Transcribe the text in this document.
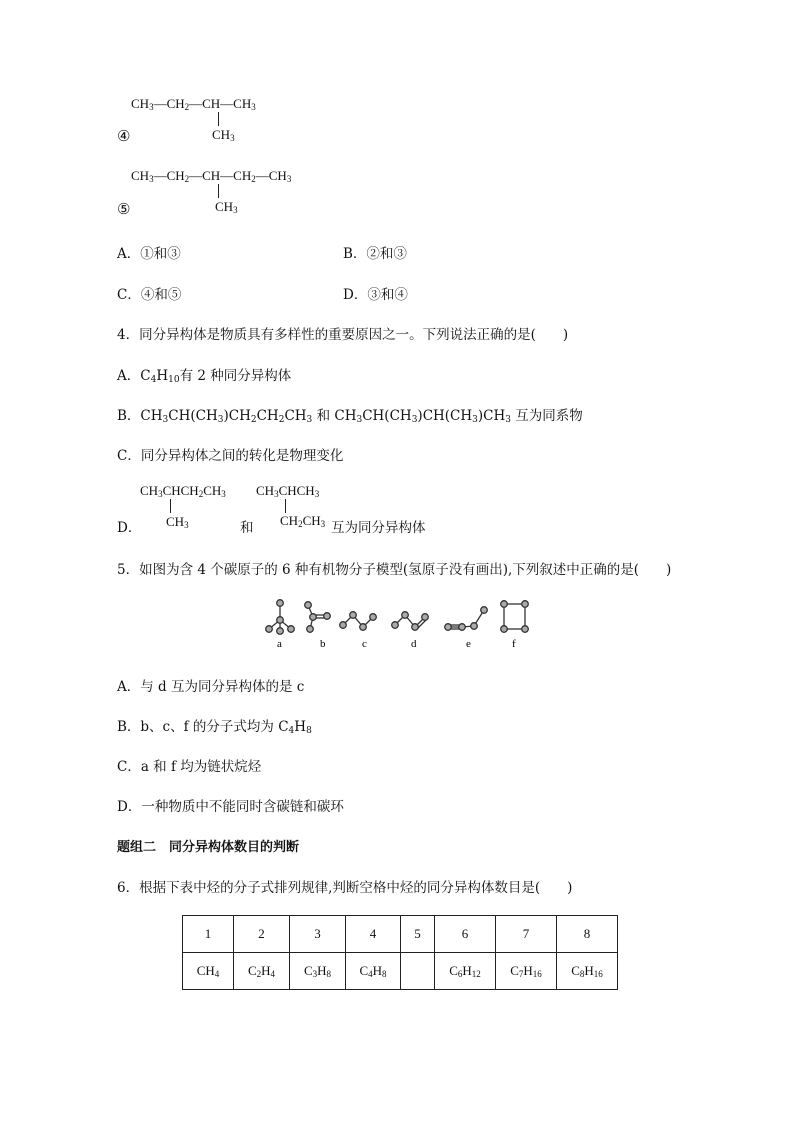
$CH_3—CH_2—CH—CH_3$
$CH_3$
④
$CH_3—CH_2—CH—CH_2—CH_3$
$CH_3$
⑤
A．①和③	B．②和③
C．④和⑤	D．③和④
4．同分异构体是物质具有多样性的重要原因之一。下列说法正确的是(　　)
A．$C_4H_{10}$有 2 种同分异构体
B．$CH_3CH(CH_3)CH_2CH_2CH_3$ 和 $CH_3CH(CH_3)CH(CH_3)CH_3$ 互为同系物
C．同分异构体之间的转化是物理变化
$CH_3CHCH_2CH_3$
$CH_3$
D．	和
$CH_3CHCH_3$
$CH_2CH_3$ 互为同分异构体
5．如图为含 4 个碳原子的 6 种有机物分子模型(氢原子没有画出),下列叙述中正确的是(　　)
a	b	c	d	e	f
A．与 d 互为同分异构体的是 c
B．b、c、f 的分子式均为 $C_4H_8$
C．a 和 f 均为链状烷烃
D．一种物质中不能同时含碳链和碳环
题组二　同分异构体数目的判断
6．根据下表中烃的分子式排列规律,判断空格中烃的同分异构体数目是(　　)
1	2	3	4	5	6	7	8
$CH_4$	$C_2H_4$	$C_3H_8$	$C_4H_8$		$C_6H_{12}$	$C_7H_{16}$	$C_8H_{16}$
